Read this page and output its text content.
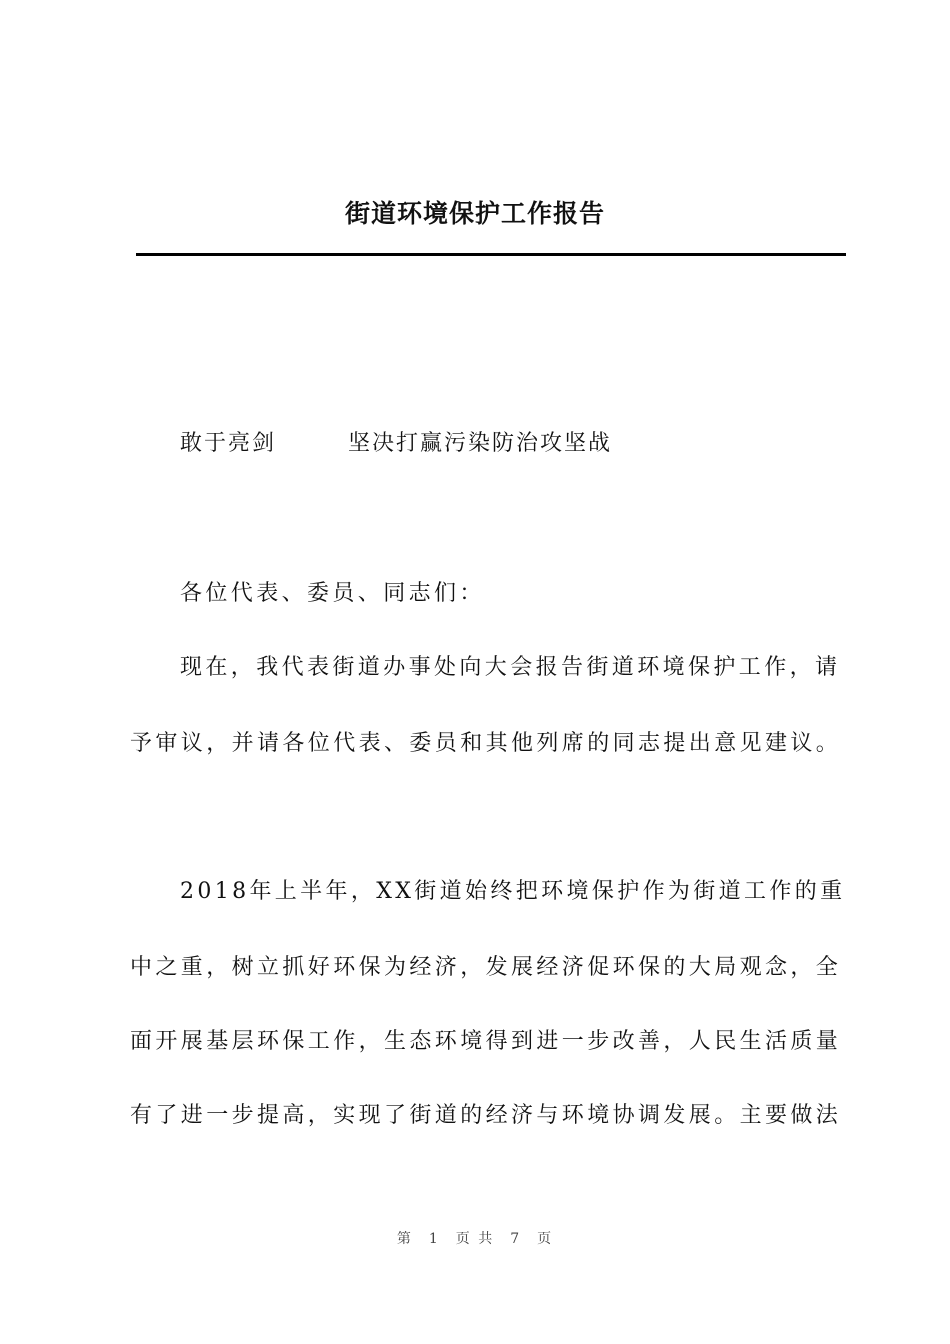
街道环境保护工作报告
敢于亮剑　　　坚决打赢污染防治攻坚战
各位代表、委员、同志们：
现在，我代表街道办事处向大会报告街道环境保护工作，请
予审议，并请各位代表、委员和其他列席的同志提出意见建议。
2018年上半年，XX街道始终把环境保护作为街道工作的重
中之重，树立抓好环保为经济，发展经济促环保的大局观念，全
面开展基层环保工作，生态环境得到进一步改善，人民生活质量
有了进一步提高，实现了街道的经济与环境协调发展。主要做法
第　1　页 共　7　页
